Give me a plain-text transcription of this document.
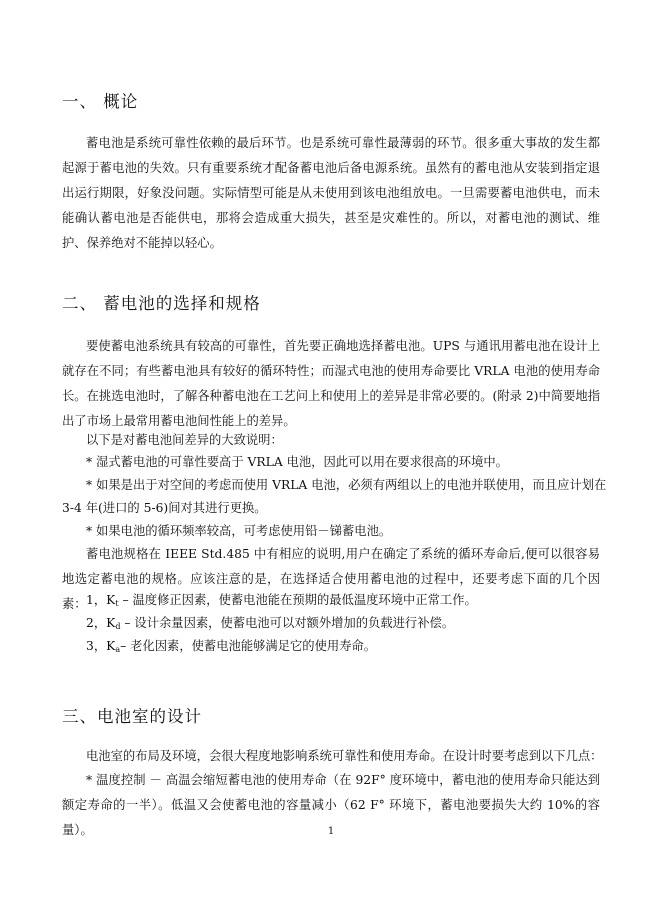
一、 概论

蓄电池是系统可靠性依赖的最后环节。也是系统可靠性最薄弱的环节。很多重大事故的发生都起源于蓄电池的失效。只有重要系统才配备蓄电池后备电源系统。虽然有的蓄电池从安装到指定退出运行期限，好象没问题。实际情型可能是从未使用到该电池组放电。一旦需要蓄电池供电，而未能确认蓄电池是否能供电，那将会造成重大损失，甚至是灾难性的。所以，对蓄电池的测试、维护、保养绝对不能掉以轻心。

二、 蓄电池的选择和规格

要使蓄电池系统具有较高的可靠性，首先要正确地选择蓄电池。UPS 与通讯用蓄电池在设计上就存在不同；有些蓄电池具有较好的循环特性；而湿式电池的使用寿命要比 VRLA 电池的使用寿命长。在挑选电池时，了解各种蓄电池在工艺问上和使用上的差异是非常必要的。(附录 2)中简要地指出了市场上最常用蓄电池间性能上的差异。

以下是对蓄电池间差异的大致说明：
* 湿式蓄电池的可靠性要高于 VRLA 电池，因此可以用在要求很高的环境中。
* 如果是出于对空间的考虑而使用 VRLA 电池，必须有两组以上的电池并联使用，而且应计划在
3-4 年(进口的 5-6)间对其进行更换。
* 如果电池的循环频率较高，可考虑使用铅－锑蓄电池。

蓄电池规格在 IEEE Std.485 中有相应的说明,用户在确定了系统的循环寿命后,便可以很容易地选定蓄电池的规格。应该注意的是，在选择适合使用蓄电池的过程中，还要考虑下面的几个因素： 1，$K_t$ – 温度修正因素，使蓄电池能在预期的最低温度环境中正常工作。
2，$K_d$ – 设计余量因素，使蓄电池可以对额外增加的负载进行补偿。
3，$K_a-$ 老化因素，使蓄电池能够满足它的使用寿命。
三、电池室的设计
电池室的布局及环境，会很大程度地影响系统可靠性和使用寿命。在设计时要考虑到以下几点：

* 温度控制 － 高温会缩短蓄电池的使用寿命（在 92F° 度环境中，蓄电池的使用寿命只能达到额定寿命的一半）。低温又会使蓄电池的容量减小（62 F° 环境下，蓄电池要损失大约 10%的容量）。	1
